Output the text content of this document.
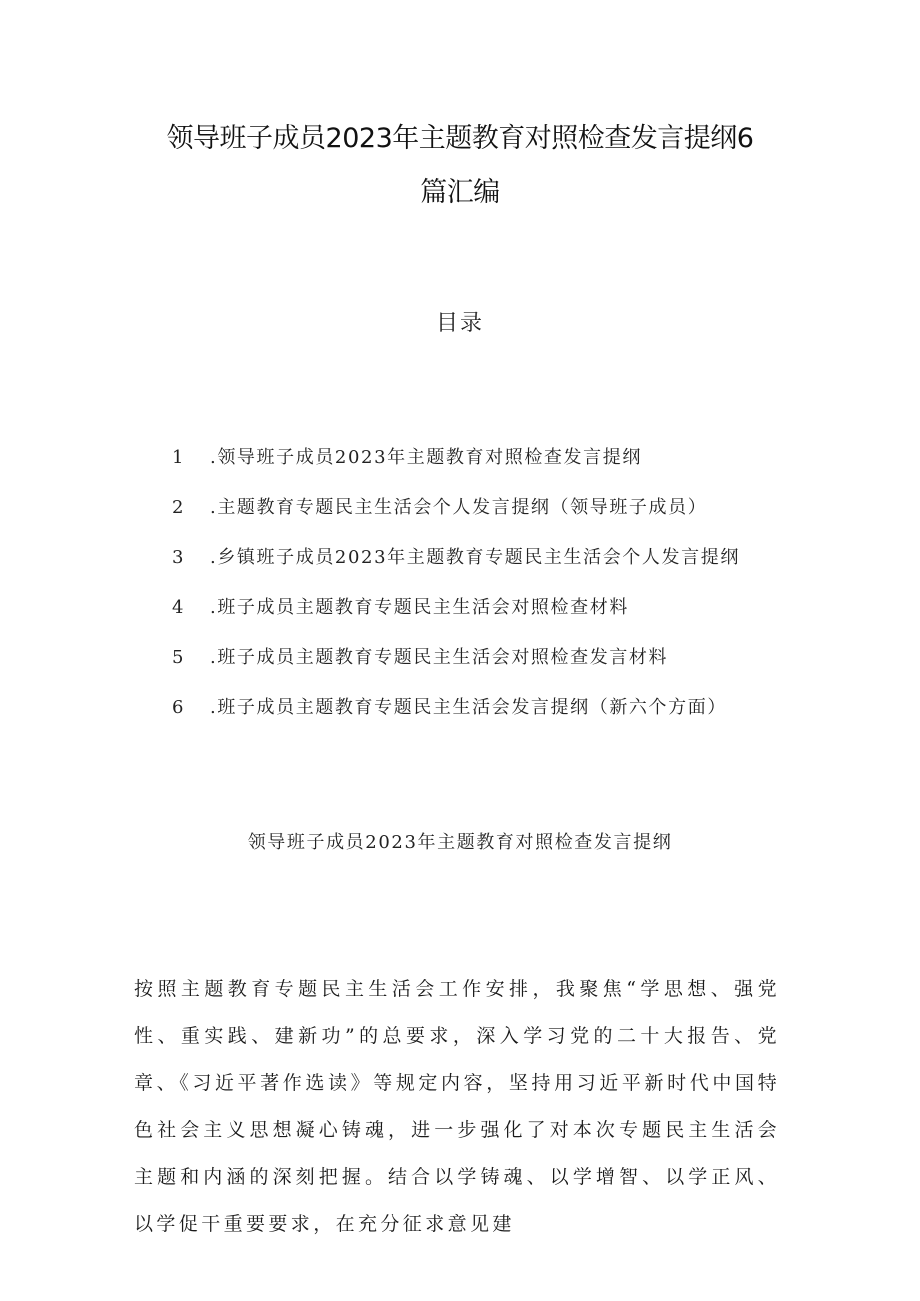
领导班子成员2023年主题教育对照检查发言提纲6篇汇编
目录
1 .领导班子成员2023年主题教育对照检查发言提纲
2 .主题教育专题民主生活会个人发言提纲（领导班子成员）
3 .乡镇班子成员2023年主题教育专题民主生活会个人发言提纲
4 .班子成员主题教育专题民主生活会对照检查材料
5 .班子成员主题教育专题民主生活会对照检查发言材料
6 .班子成员主题教育专题民主生活会发言提纲（新六个方面）
领导班子成员2023年主题教育对照检查发言提纲

按照主题教育专题民主生活会工作安排，我聚焦“学思想、强党性、重实践、建新功”的总要求，深入学习党的二十大报告、党章、《习近平著作选读》等规定内容，坚持用习近平新时代中国特色社会主义思想凝心铸魂，进一步强化了对本次专题民主生活会主题和内涵的深刻把握。结合以学铸魂、以学增智、以学正风、以学促干重要要求，在充分征求意见建
